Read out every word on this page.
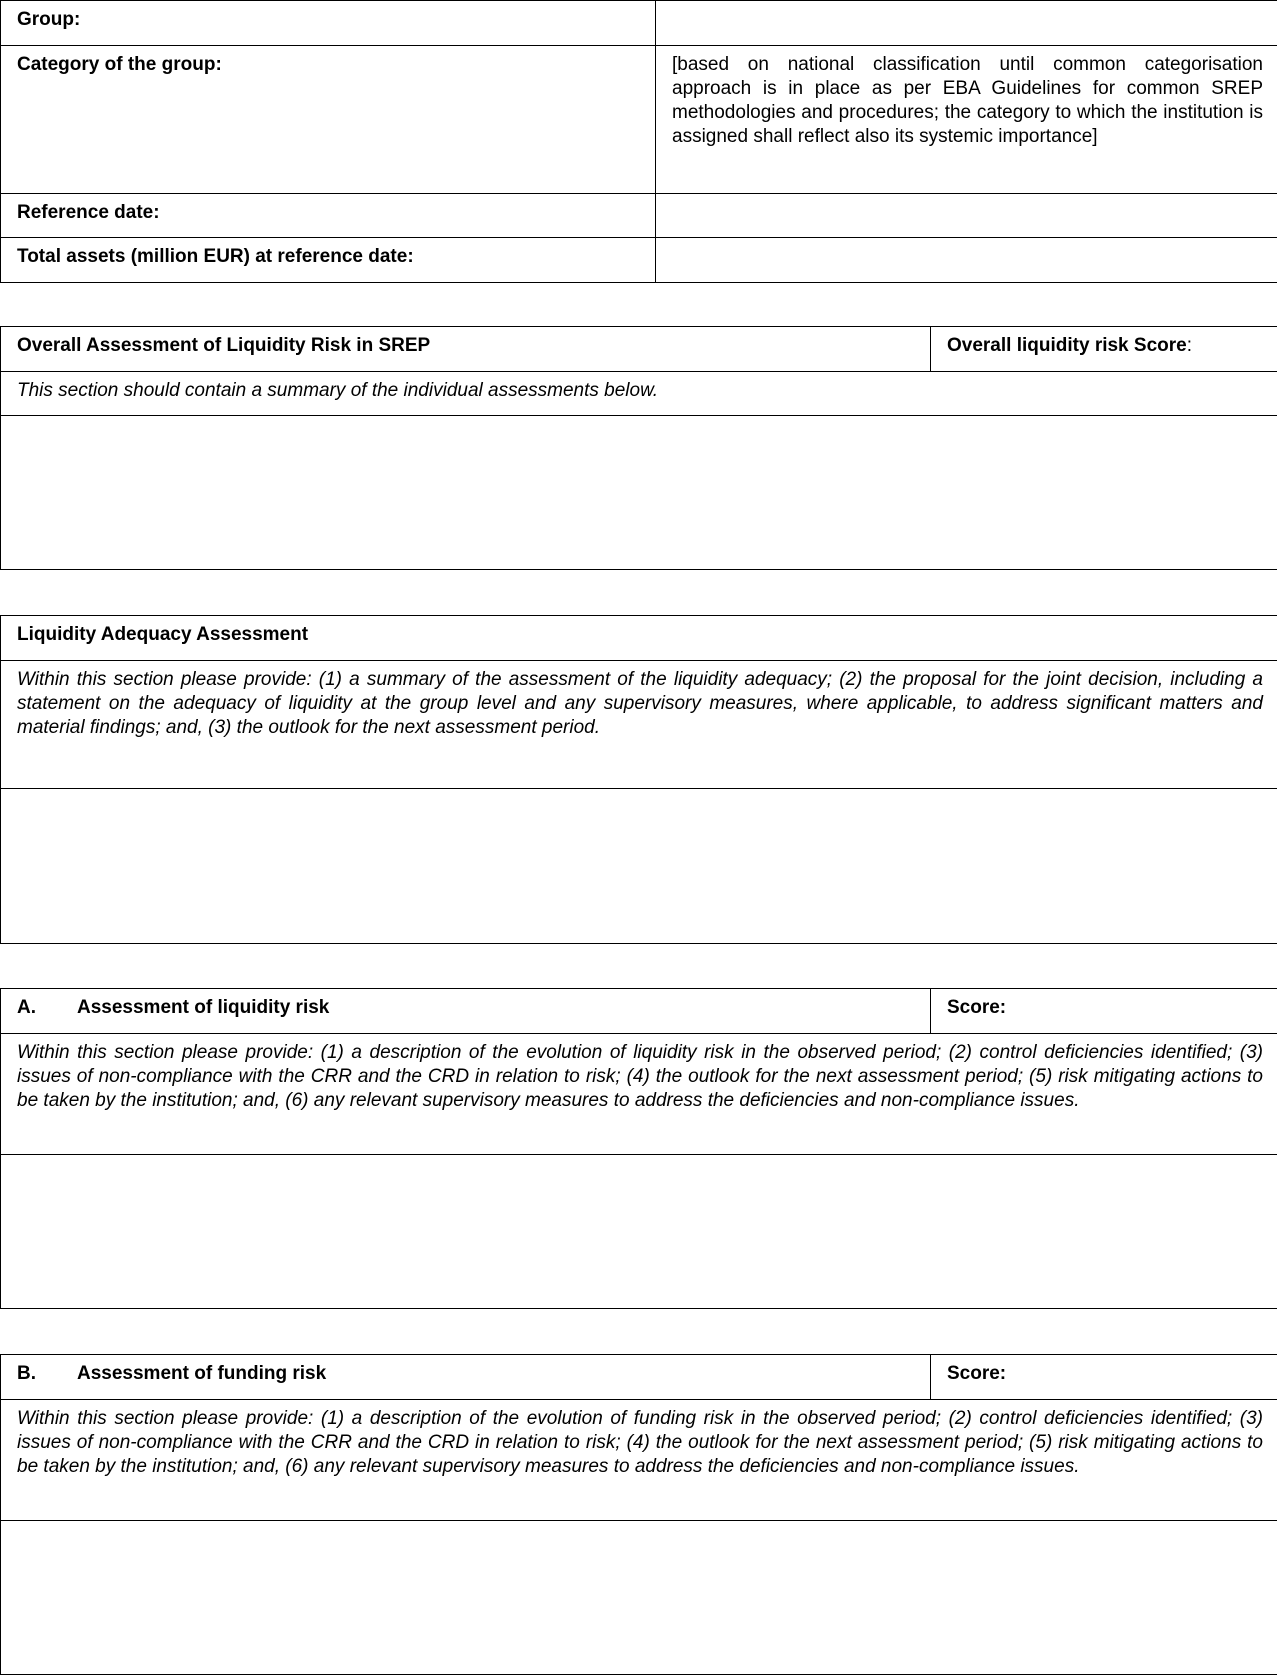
Group:	
Category of the group:	[based on national classification until common categorisation approach is in place as per EBA Guidelines for common SREP methodologies and procedures; the category to which the institution is assigned shall reflect also its systemic importance]
Reference date:	
Total assets (million EUR) at reference date:	
Overall Assessment of Liquidity Risk in SREP	Overall liquidity risk Score:
This section should contain a summary of the individual assessments below.

Liquidity Adequacy Assessment
Within this section please provide: (1) a summary of the assessment of the liquidity adequacy; (2) the proposal for the joint decision, including a statement on the adequacy of liquidity at the group level and any supervisory measures, where applicable, to address significant matters and material findings; and, (3) the outlook for the next assessment period.

A. Assessment of liquidity risk	Score:
Within this section please provide: (1) a description of the evolution of liquidity risk in the observed period; (2) control deficiencies identified; (3) issues of non-compliance with the CRR and the CRD in relation to risk; (4) the outlook for the next assessment period; (5) risk mitigating actions to be taken by the institution; and, (6) any relevant supervisory measures to address the deficiencies and non-compliance issues.

B. Assessment of funding risk	Score:
Within this section please provide: (1) a description of the evolution of funding risk in the observed period; (2) control deficiencies identified; (3) issues of non-compliance with the CRR and the CRD in relation to risk; (4) the outlook for the next assessment period; (5) risk mitigating actions to be taken by the institution; and, (6) any relevant supervisory measures to address the deficiencies and non-compliance issues.
